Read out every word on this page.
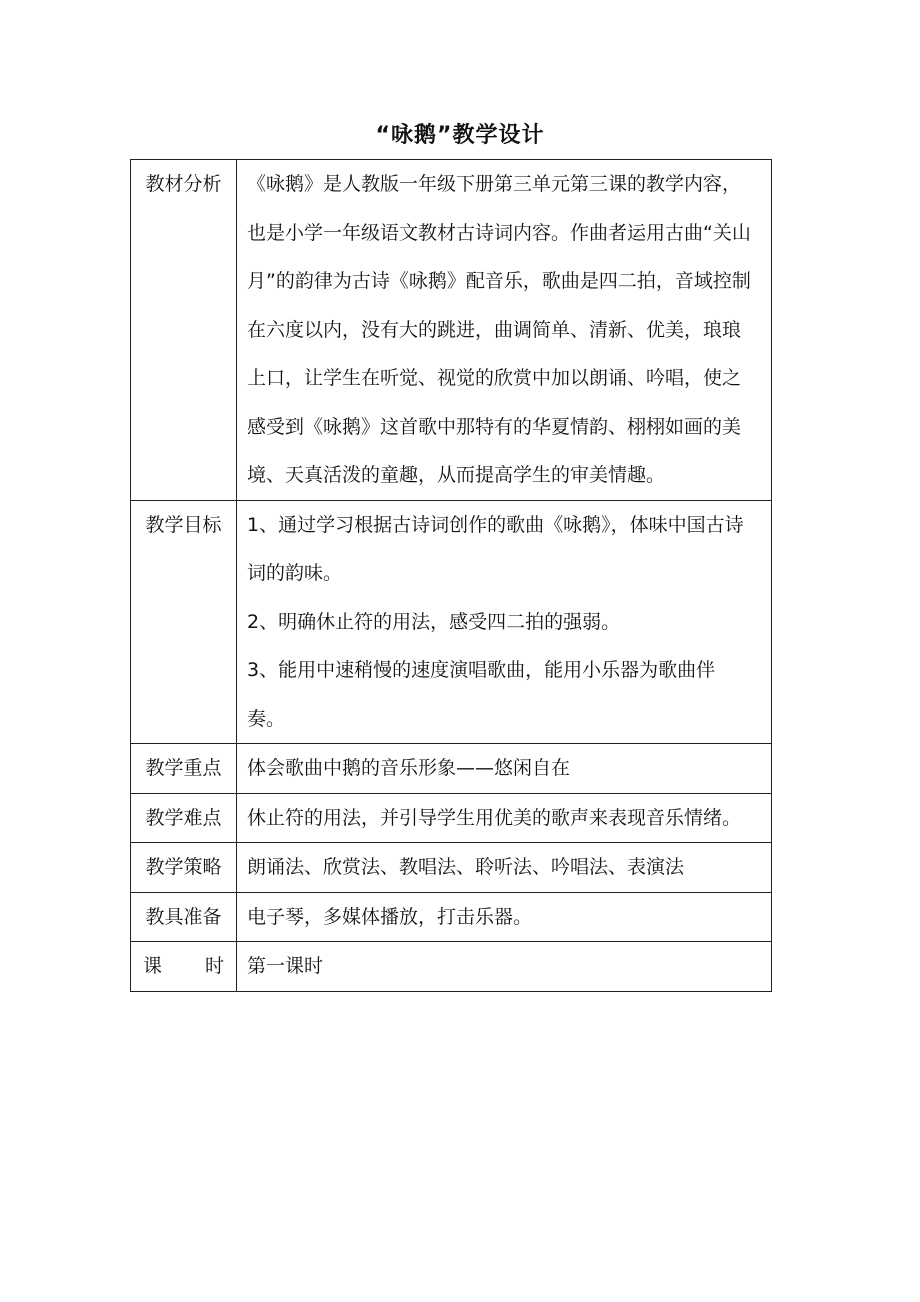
“咏鹅”教学设计
教材分析	《咏鹅》是人教版一年级下册第三单元第三课的教学内容，也是小学一年级语文教材古诗词内容。作曲者运用古曲“关山月”的韵律为古诗《咏鹅》配音乐，歌曲是四二拍，音域控制在六度以内，没有大的跳进，曲调简单、清新、优美，琅琅上口，让学生在听觉、视觉的欣赏中加以朗诵、吟唱，使之感受到《咏鹅》这首歌中那特有的华夏情韵、栩栩如画的美境、天真活泼的童趣，从而提高学生的审美情趣。

教学目标	1、通过学习根据古诗词创作的歌曲《咏鹅》，体味中国古诗词的韵味。
2、明确休止符的用法，感受四二拍的强弱。
3、能用中速稍慢的速度演唱歌曲，能用小乐器为歌曲伴奏。

教学重点	体会歌曲中鹅的音乐形象——悠闲自在

教学难点	休止符的用法，并引导学生用优美的歌声来表现音乐情绪。

教学策略	朗诵法、欣赏法、教唱法、聆听法、吟唱法、表演法

教具准备	电子琴，多媒体播放，打击乐器。

课 时	第一课时
